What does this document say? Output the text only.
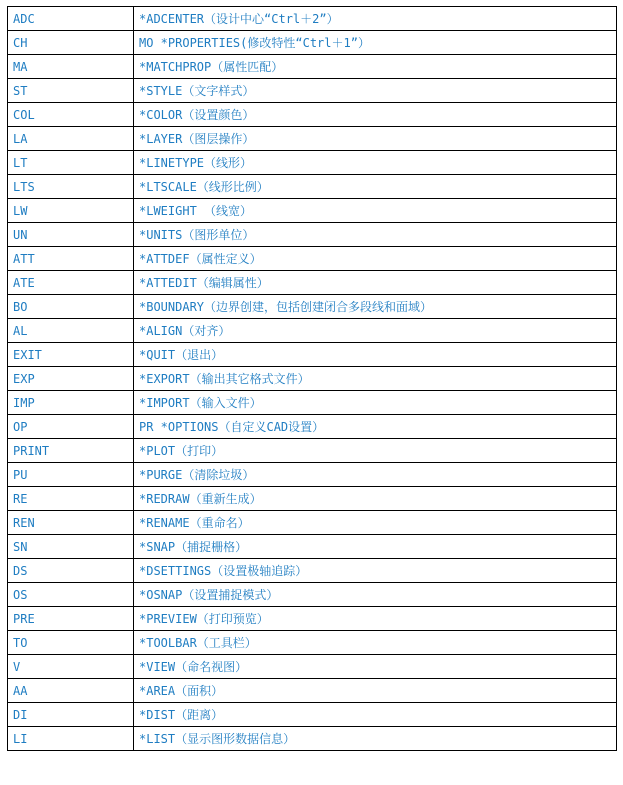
ADC	*ADCENTER（设计中心“Ctrl＋2”）
CH	MO *PROPERTIES(修改特性“Ctrl＋1”）
MA	*MATCHPROP（属性匹配）
ST	*STYLE（文字样式）
COL	*COLOR（设置颜色）
LA	*LAYER（图层操作）
LT	*LINETYPE（线形）
LTS	*LTSCALE（线形比例）
LW	*LWEIGHT （线宽）
UN	*UNITS（图形单位）
ATT	*ATTDEF（属性定义）
ATE	*ATTEDIT（编辑属性）
BO	*BOUNDARY（边界创建，包括创建闭合多段线和面域）
AL	*ALIGN（对齐）
EXIT	*QUIT（退出）
EXP	*EXPORT（输出其它格式文件）
IMP	*IMPORT（输入文件）
OP	PR *OPTIONS（自定义CAD设置）
PRINT	*PLOT（打印）
PU	*PURGE（清除垃圾）
RE	*REDRAW（重新生成）
REN	*RENAME（重命名）
SN	*SNAP（捕捉栅格）
DS	*DSETTINGS（设置极轴追踪）
OS	*OSNAP（设置捕捉模式）
PRE	*PREVIEW（打印预览）
TO	*TOOLBAR（工具栏）
V	*VIEW（命名视图）
AA	*AREA（面积）
DI	*DIST（距离）
LI	*LIST（显示图形数据信息）
